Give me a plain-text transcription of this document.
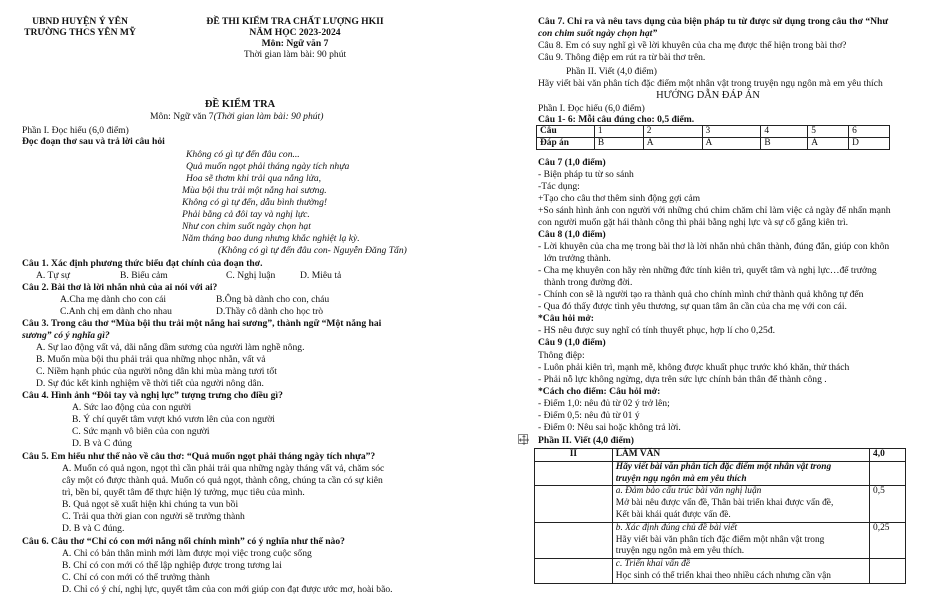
UBND HUYỆN Ý YÊN
TRƯỜNG THCS YÊN MỸ
ĐỀ THI KIỂM TRA CHẤT LƯỢNG HKII
NĂM HỌC 2023-2024
Môn: Ngữ văn 7
Thời gian làm bài: 90 phút
ĐỀ KIỂM TRA
Môn: Ngữ văn 7(Thời gian làm bài: 90 phút)
Phần I. Đọc hiểu (6,0 điểm)
Đọc đoạn thơ sau và trả lời câu hỏi
Không có gì tự đến đâu con...
Quả muốn ngọt phải tháng ngày tích nhựa
Hoa sẽ thơm khi trải qua nắng lửa,
Mùa bội thu trải một nắng hai sương.
Không có gì tự đến, dẫu bình thường!
Phải bằng cả đôi tay và nghị lực.
Như con chim suốt ngày chọn hạt
Năm tháng bao dung nhưng khắc nghiệt lạ kỳ.
(Không có gì tự đến đâu con- Nguyễn Đăng Tấn)
Câu 1. Xác định phương thức biểu đạt chính của đoạn thơ.
A. Tự sự	B. Biểu cảm	C. Nghị luận	D. Miêu tả
Câu 2. Bài thơ là lời nhắn nhủ của ai nói với ai?
A.Cha mẹ dành cho con cái	B.Ông bà dành cho con, cháu
C.Anh chị em dành cho nhau	D.Thầy cô dành cho học trò
Câu 3. Trong câu thơ “Mùa bội thu trải một nắng hai sương”, thành ngữ “Một nắng hai
sương” có ý nghĩa gì?
A. Sự lao động vất vả, dãi nắng dầm sương của người làm nghề nông.
B. Muốn mùa bội thu phải trải qua những nhọc nhằn, vất vả
C. Niềm hạnh phúc của người nông dân khi mùa màng tươi tốt
D. Sự đúc kết kinh nghiệm về thời tiết của người nông dân.
Câu 4. Hình ảnh “Đôi tay và nghị lực” tượng trưng cho điều gì?
A. Sức lao động của con người
B. Ý chí quyết tâm vượt khó vươn lên của con người
C. Sức mạnh vô biên của con người
D. B và C đúng
Câu 5. Em hiểu như thế nào về câu thơ: “Quả muốn ngọt phải tháng ngày tích nhựa”?
A. Muốn có quả ngon, ngọt thì cần phải trải qua những ngày tháng vất vả, chăm sóc
cây một có được thành quả. Muốn có quả ngọt, thành công, chúng ta cần có sự kiên
trì, bền bỉ, quyết tâm để thực hiện lý tưởng, mục tiêu của mình.
B. Quả ngọt sẽ xuất hiện khi chúng ta vun bồi
C. Trải qua thời gian con người sẽ trưởng thành
D. B và C đúng.
Câu 6. Câu thơ “Chỉ có con mới nắng nối chính mình” có ý nghĩa như thế nào?
A. Chỉ có bản thân mình mới làm được mọi việc trong cuộc sống
B. Chỉ có con mới có thể lập nghiệp được trong tương lai
C. Chỉ có con mới có thể trưởng thành
D. Chỉ có ý chí, nghị lực, quyết tâm của con mới giúp con đạt được ước mơ, hoài bão.
Câu 7. Chỉ ra và nêu tavs dụng của biện pháp tu từ được sử dụng trong câu thơ “Như
con chim suốt ngày chọn hạt”
Câu 8. Em có suy nghĩ gì về lời khuyên của cha mẹ được thể hiện trong bài thơ?
Câu 9. Thông điệp em rút ra từ bài thơ trên.
Phần II. Viết (4,0 điểm)
Hãy viết bài văn phân tích đặc điểm một nhân vật trong truyện ngụ ngôn mà em yêu thích
HƯỚNG DẪN ĐÁP ÁN
Phần I. Đọc hiểu (6,0 điểm)
Câu 1- 6: Mỗi câu đúng cho: 0,5 điểm.
Câu	1	2	3	4	5	6
Đáp án	B	A	A	B	A	D
Câu 7 (1,0 điểm)
- Biện pháp tu từ so sánh
-Tác dụng:
+Tạo cho câu thơ thêm sinh động gợi cảm
+So sánh hình ảnh con người với những chú chim chăm chỉ làm việc cả ngày để nhấn mạnh
con người muốn gặt hái thành công thì phải bằng nghị lực và sự cố gắng kiên trì.
Câu 8 (1,0 điểm)
- Lời khuyên của cha mẹ trong bài thơ là lời nhắn nhủ chân thành, đúng đắn, giúp con khôn
lớn trưởng thành.
- Cha mẹ khuyên con hãy rèn những đức tính kiên trì, quyết tâm và nghị lực…để trưởng
thành trong đường đời.
- Chính con sẽ là người tạo ra thành quả cho chính mình chứ thành quả không tự đến
- Qua đó thấy được tình yêu thương, sự quan tâm ân cần của cha mẹ với con cái.
*Câu hỏi mở:
- HS nêu được suy nghĩ có tính thuyết phục, hợp lí cho 0,25đ.
Câu 9 (1,0 điểm)
Thông điệp:
- Luôn phải kiên trì, mạnh mẽ, không được khuất phục trước khó khăn, thử thách
- Phải nỗ lực không ngừng, dựa trên sức lực chính bản thân để thành công .
*Cách cho điểm: Câu hỏi mở:
- Điểm 1,0: nêu đủ từ 02 ý trở lên;
- Điểm 0,5: nêu đủ từ 01 ý
- Điểm 0: Nêu sai hoặc không trả lời.
Phần II. Viết (4,0 điểm)
II	LÀM VĂN	4,0

	Hãy viết bài văn phân tích đặc điểm một nhân vật trong
truyện ngụ ngôn mà em yêu thích	

	a. Đảm bảo cấu trúc bài văn nghị luận
Mở bài nêu được vấn đề, Thân bài triển khai được vấn đề,
Kết bài khái quát được vấn đề.	0,5

	b. Xác định đúng chủ đề bài viết
Hãy viết bài văn phân tích đặc điểm một nhân vật trong
truyện ngụ ngôn mà em yêu thích.	0,25

	c. Triển khai vấn đề
Học sinh có thể triển khai theo nhiều cách nhưng cần vận	
